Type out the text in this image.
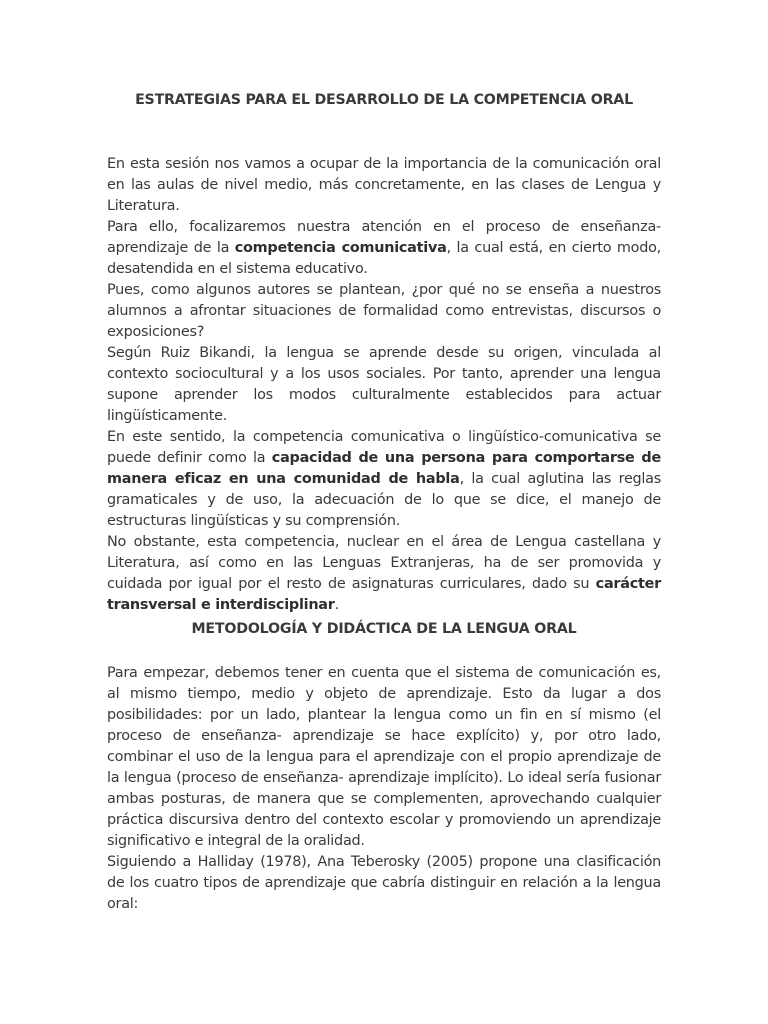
ESTRATEGIAS PARA EL DESARROLLO DE LA COMPETENCIA ORAL

En esta sesión nos vamos a ocupar de la importancia de la comunicación oral en las aulas de nivel medio, más concretamente, en las clases de Lengua y Literatura.

Para ello, focalizaremos nuestra atención en el proceso de enseñanza-aprendizaje de la competencia comunicativa, la cual está, en cierto modo, desatendida en el sistema educativo.

Pues, como algunos autores se plantean, ¿por qué no se enseña a nuestros alumnos a afrontar situaciones de formalidad como entrevistas, discursos o exposiciones?

Según Ruiz Bikandi, la lengua se aprende desde su origen, vinculada al contexto sociocultural y a los usos sociales. Por tanto, aprender una lengua supone aprender los modos culturalmente establecidos para actuar lingüísticamente.

En este sentido, la competencia comunicativa o lingüístico-comunicativa se puede definir como la capacidad de una persona para comportarse de manera eficaz en una comunidad de habla, la cual aglutina las reglas gramaticales y de uso, la adecuación de lo que se dice, el manejo de estructuras lingüísticas y su comprensión.

No obstante, esta competencia, nuclear en el área de Lengua castellana y Literatura, así como en las Lenguas Extranjeras, ha de ser promovida y cuidada por igual por el resto de asignaturas curriculares, dado su carácter transversal e interdisciplinar.

METODOLOGÍA Y DIDÁCTICA DE LA LENGUA ORAL

Para empezar, debemos tener en cuenta que el sistema de comunicación es, al mismo tiempo, medio y objeto de aprendizaje. Esto da lugar a dos posibilidades: por un lado, plantear la lengua como un fin en sí mismo (el proceso de enseñanza- aprendizaje se hace explícito) y, por otro lado, combinar el uso de la lengua para el aprendizaje con el propio aprendizaje de la lengua (proceso de enseñanza- aprendizaje implícito). Lo ideal sería fusionar ambas posturas, de manera que se complementen, aprovechando cualquier práctica discursiva dentro del contexto escolar y promoviendo un aprendizaje significativo e integral de la oralidad.

Siguiendo a Halliday (1978), Ana Teberosky (2005) propone una clasificación de los cuatro tipos de aprendizaje que cabría distinguir en relación a la lengua oral:
